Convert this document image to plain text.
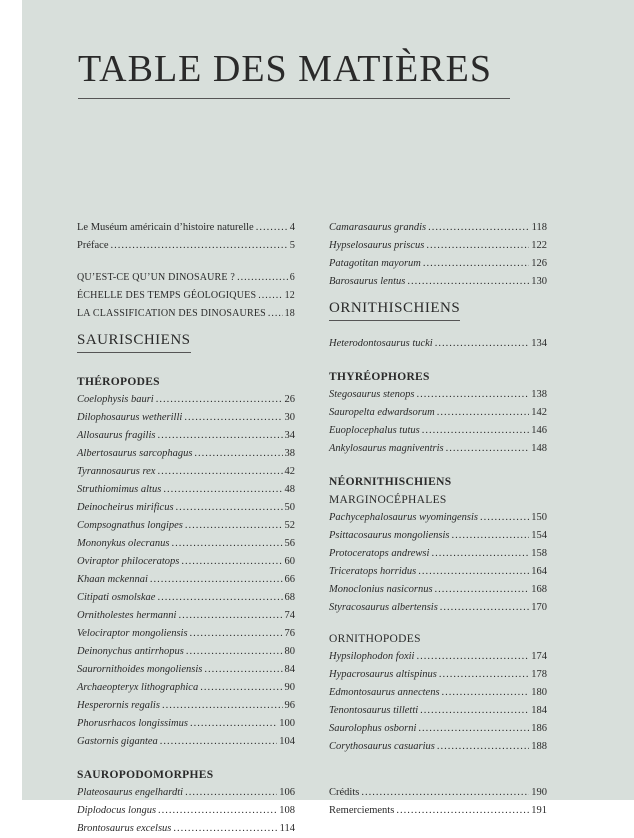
TABLE DES MATIÈRES
Le Muséum américain d’histoire naturelle .....	4
Préface .....	5
QU’EST-CE QU’UN DINOSAURE ? .....	6
ÉCHELLE DES TEMPS GÉOLOGIQUES .....	12
LA CLASSIFICATION DES DINOSAURES ..... 18
SAURISCHIENS
THÉROPODES
Coelophysis bauri .....	26
Dilophosaurus wetherilli .....	30
Allosaurus fragilis .....	34
Albertosaurus sarcophagus .....	38
Tyrannosaurus rex .....	42
Struthiomimus altus .....	48
Deinocheirus mirificus .....	50
Compsognathus longipes .....	52
Mononykus olecranus .....	56
Oviraptor philoceratops .....	60
Khaan mckennai .....	66
Citipati osmolskae .....	68
Ornitholestes hermanni .....	74
Velociraptor mongoliensis .....	76
Deinonychus antirrhopus .....	80
Saurornithoides mongoliensis .....	84
Archaeopteryx lithographica .....	90
Hesperornis regalis .....	96
Phorusrhacos longissimus .....	100
Gastornis gigantea .....	104
SAUROPODOMORPHES
Plateosaurus engelhardti .....	106
Diplodocus longus .....	108
Brontosaurus excelsus .....	114
Camarasaurus grandis .....	118
Hypselosaurus priscus .....	122
Patagotitan mayorum .....	126
Barosaurus lentus .....	130
ORNITHISCHIENS
Heterodontosaurus tucki .....	134
THYRÉOPHORES
Stegosaurus stenops .....	138
Sauropelta edwardsorum .....	142
Euoplocephalus tutus .....	146
Ankylosaurus magniventris .....	148
NÉORNITHISCHIENS
MARGINOCÉPHALES
Pachycephalosaurus wyomingensis .....	150
Psittacosaurus mongoliensis .....	154
Protoceratops andrewsi .....	158
Triceratops horridus .....	164
Monoclonius nasicornus .....	168
Styracosaurus albertensis .....	170
ORNITHOPODES
Hypsilophodon foxii .....	174
Hypacrosaurus altispinus .....	178
Edmontosaurus annectens .....	180
Tenontosaurus tilletti .....	184
Saurolophus osborni .....	186
Corythosaurus casuarius .....	188
Crédits .....	190
Remerciements .....	191
